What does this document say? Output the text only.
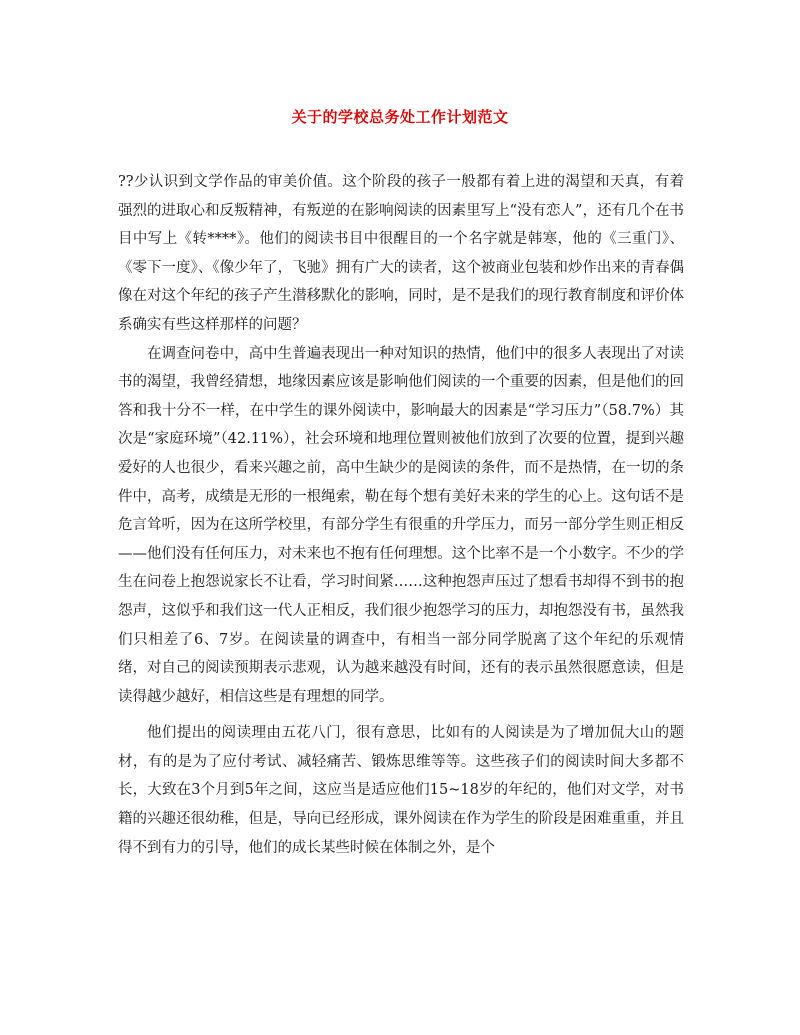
关于的学校总务处工作计划范文

??少认识到文学作品的审美价值。这个阶段的孩子一般都有着上进的渴望和天真，有着强烈的进取心和反叛精神，有叛逆的在影响阅读的因素里写上“没有恋人”，还有几个在书目中写上《转****》。他们的阅读书目中很醒目的一个名字就是韩寒，他的《三重门》、《零下一度》、《像少年了，飞驰》拥有广大的读者，这个被商业包装和炒作出来的青春偶像在对这个年纪的孩子产生潜移默化的影响，同时，是不是我们的现行教育制度和评价体系确实有些这样那样的问题？

在调查问卷中，高中生普遍表现出一种对知识的热情，他们中的很多人表现出了对读书的渴望，我曾经猜想，地缘因素应该是影响他们阅读的一个重要的因素，但是他们的回答和我十分不一样，在中学生的课外阅读中，影响最大的因素是“学习压力”（58.7%）其次是“家庭环境”（42.11%），社会环境和地理位置则被他们放到了次要的位置，提到兴趣爱好的人也很少，看来兴趣之前，高中生缺少的是阅读的条件，而不是热情，在一切的条件中，高考，成绩是无形的一根绳索，勒在每个想有美好未来的学生的心上。这句话不是危言耸听，因为在这所学校里，有部分学生有很重的升学压力，而另一部分学生则正相反——他们没有任何压力，对未来也不抱有任何理想。这个比率不是一个小数字。不少的学生在问卷上抱怨说家长不让看，学习时间紧……这种抱怨声压过了想看书却得不到书的抱怨声，这似乎和我们这一代人正相反，我们很少抱怨学习的压力，却抱怨没有书，虽然我们只相差了6、7岁。在阅读量的调查中，有相当一部分同学脱离了这个年纪的乐观情绪，对自己的阅读预期表示悲观，认为越来越没有时间，还有的表示虽然很愿意读，但是读得越少越好，相信这些是有理想的同学。

他们提出的阅读理由五花八门，很有意思，比如有的人阅读是为了增加侃大山的题材，有的是为了应付考试、减轻痛苦、锻炼思维等等。这些孩子们的阅读时间大多都不长，大致在3个月到5年之间，这应当是适应他们15~18岁的年纪的，他们对文学，对书籍的兴趣还很幼稚，但是，导向已经形成，课外阅读在作为学生的阶段是困难重重，并且得不到有力的引导，他们的成长某些时候在体制之外，是个
